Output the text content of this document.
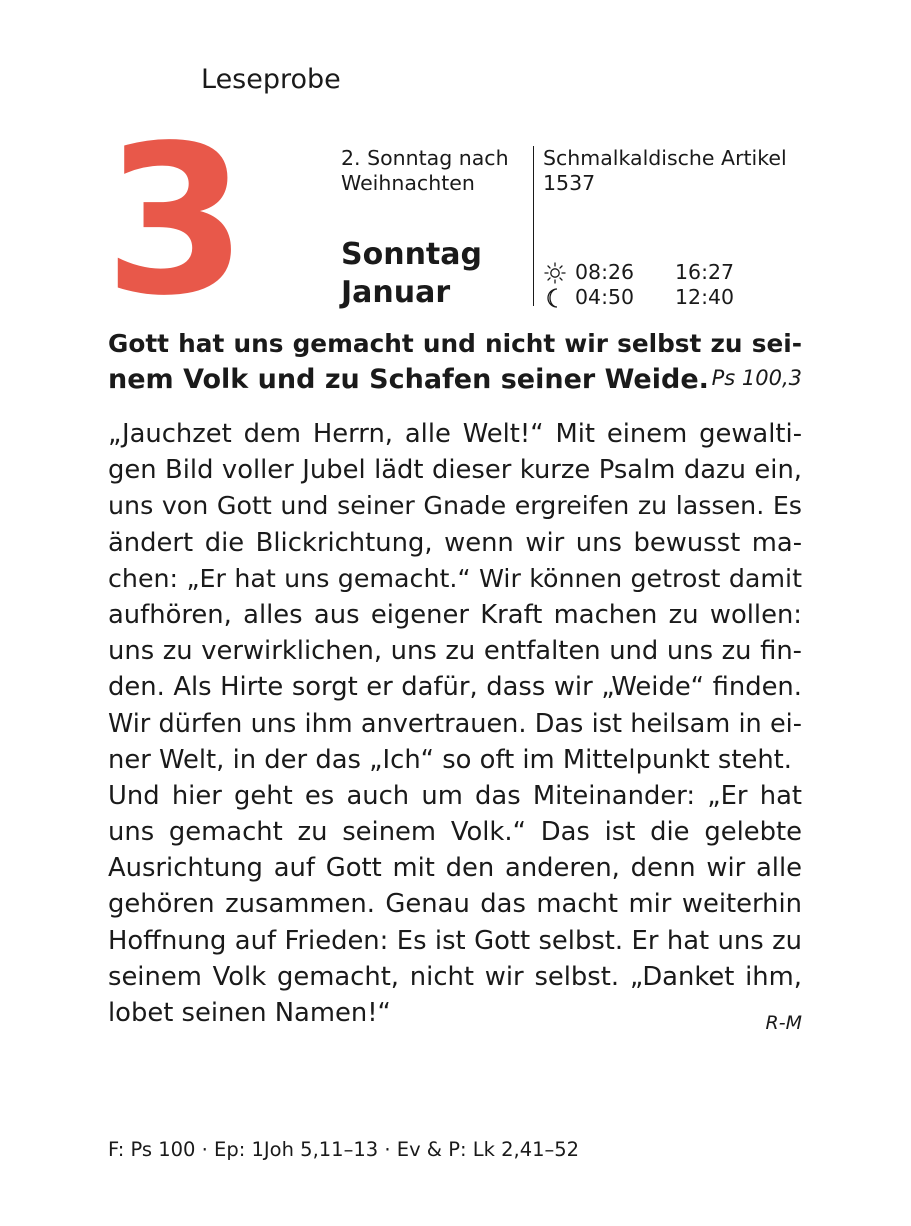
Leseprobe
3	2. Sonntag nach
Weihnachten
Schmalkaldische Artikel
1537
Sonntag
Januar
08:26	16:27
04:50	12:40
Gott hat uns gemacht und nicht wir selbst zu sei-
nem Volk und zu Schafen seiner Weide. Ps 100,3
„Jauchzet dem Herrn, alle Welt!“ Mit einem gewalti-
gen Bild voller Jubel lädt dieser kurze Psalm dazu ein,
uns von Gott und seiner Gnade ergreifen zu lassen. Es
ändert die Blickrichtung, wenn wir uns bewusst ma-
chen: „Er hat uns gemacht.“ Wir können getrost damit
aufhören, alles aus eigener Kraft machen zu wollen:
uns zu verwirklichen, uns zu entfalten und uns zu fin-
den. Als Hirte sorgt er dafür, dass wir „Weide“ finden.
Wir dürfen uns ihm anvertrauen. Das ist heilsam in ei-
ner Welt, in der das „Ich“ so oft im Mittelpunkt steht.
Und hier geht es auch um das Miteinander: „Er hat
uns gemacht zu seinem Volk.“ Das ist die gelebte
Ausrichtung auf Gott mit den anderen, denn wir alle
gehören zusammen. Genau das macht mir weiterhin
Hoffnung auf Frieden: Es ist Gott selbst. Er hat uns zu
seinem Volk gemacht, nicht wir selbst. „Danket ihm,
lobet seinen Namen!“	R-M
F: Ps 100 · Ep: 1Joh 5,11–13 · Ev & P: Lk 2,41–52
